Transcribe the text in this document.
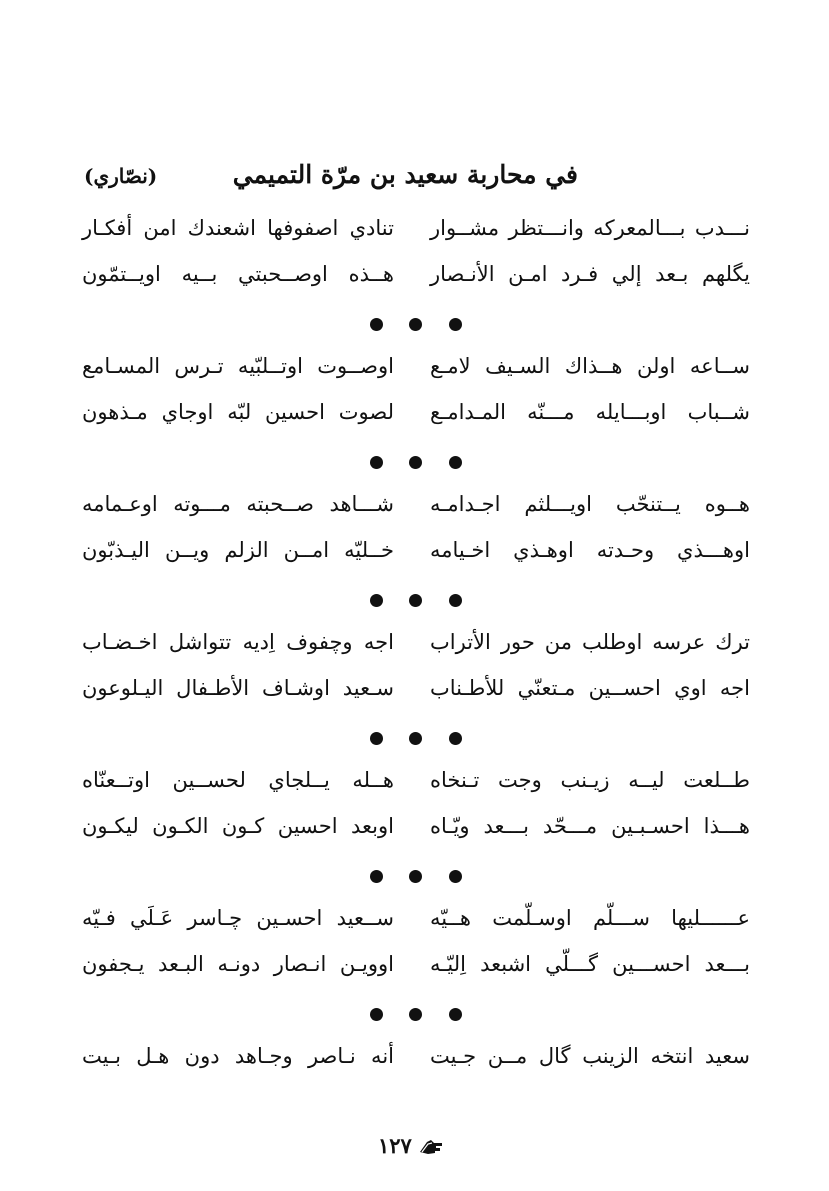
في محاربة سعيد بن مرّة التميمي
(نصّاري)
نـــدب بـــالمعركه وانـــتظر مشــوار
تنادي اصفوفها اشعندك امن أفكـار
يگلهم بـعد إلي فـرد امـن الأنـصار
هــذه اوصــحبتي بــيه اويــتمّون
ســاعه اولن هــذاك السـيف لامـع
اوصــوت اوتــلبّيه تـرس المسـامع
شــباب اوبـــايله مـــنّه المـدامـع
لصوت احسين لبّه اوجاي مـذهون
هــوه يــتنحّب اويـــلثم اجـدامـه
شـــاهد صــحبته مـــوته اوعـمامه
اوهـــذي وحـدته اوهـذي اخـيامه
خــليّه امــن الزلم ويــن اليـذبّون
ترك عرسه اوطلب من حور الأتراب
اجه وچفوف اِديه تتواشل اخـضـاب
اجه اوي احســين مـتعنّي للأطـناب
سـعيد اوشـاف الأطـفال اليـلوعون
طــلعت ليــه زيـنب وجت تـنخاه
هــله يــلجاي لحســين اوتــعنّاه
هـــذا احسـبـين مـــحّد بـــعد ويّـاه
اوبعد احسين كـون الكـون ليكـون
عــــــليها ســـلّم اوسـلّمت هــيّه
ســعيد احسـين چـاسر عَـلَي فـيّه
بـــعد احســـين گـــلّي اشبعد اِليّـه
اوويـن انـصار دونـه البـعد يـجفون
سعيد انتخه الزينب گال مــن جـيت
أنه نـاصر وجـاهد دون هـل بـيت
١٢٧
